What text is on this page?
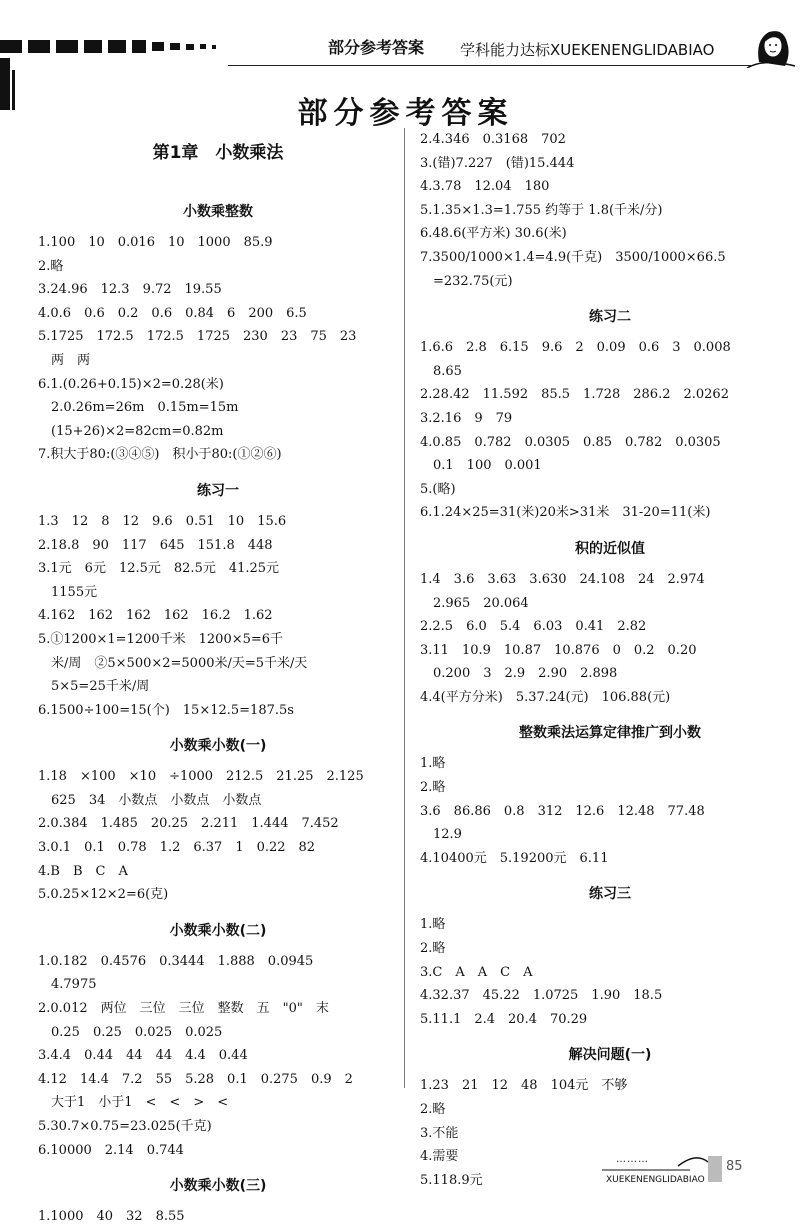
部分参考答案 学科能力达标XUEKENENGLIDABIAO
部分参考答案
第1章　小数乘法
小数乘整数
1.100　10　0.016　10　1000　85.9
2.略
3.24.96　12.3　9.72　19.55
4.0.6　0.6　0.2　0.6　0.84　6　200　6.5
5.1725　172.5　172.5　1725　230　23　75　23
　两　两
6.1.(0.26+0.15)×2=0.28(米)
　2.0.26m=26m　0.15m=15m
　(15+26)×2=82cm=0.82m
7.积大于80:(③④⑤)　积小于80:(①②⑥)
练习一
1.3　12　8　12　9.6　0.51　10　15.6
2.18.8　90　117　645　151.8　448
3.1元　6元　12.5元　82.5元　41.25元
　1155元
4.162　162　162　162　16.2　1.62
5.①1200×1=1200千米　1200×5=6千
　米/周　②5×500×2=5000米/天=5千米/天
　5×5=25千米/周
6.1500÷100=15(个)　15×12.5=187.5s
小数乘小数(一)
1.18　×100　×10　÷1000　212.5　21.25　2.125
　625　34　小数点　小数点　小数点
2.0.384　1.485　20.25　2.211　1.444　7.452
3.0.1　0.1　0.78　1.2　6.37　1　0.22　82
4.B　B　C　A
5.0.25×12×2=6(克)
小数乘小数(二)
1.0.182　0.4576　0.3444　1.888　0.0945
　4.7975
2.0.012　两位　三位　三位　整数　五　"0"　末
　0.25　0.25　0.025　0.025
3.4.4　0.44　44　44　4.4　0.44
4.12　14.4　7.2　55　5.28　0.1　0.275　0.9　2
　大于1　小于1　<　<　>　<
5.30.7×0.75=23.025(千克)
6.10000　2.14　0.744
小数乘小数(三)
1.1000　40　32　8.55
2.4.346　0.3168　702
3.(错)7.227　(错)15.444
4.3.78　12.04　180
5.1.35×1.3=1.755 约等于 1.8(千米/分)
6.48.6(平方米) 30.6(米)
7.3500/1000×1.4=4.9(千克)　3500/1000×66.5
　=232.75(元)
练习二
1.6.6　2.8　6.15　9.6　2　0.09　0.6　3　0.008
　8.65
2.28.42　11.592　85.5　1.728　286.2　2.0262
3.2.16　9　79
4.0.85　0.782　0.0305　0.85　0.782　0.0305
　0.1　100　0.001
5.(略)
6.1.24×25=31(米)20米>31米　31-20=11(米)
积的近似值
1.4　3.6　3.63　3.630　24.108　24　2.974
　2.965　20.064
2.2.5　6.0　5.4　6.03　0.41　2.82
3.11　10.9　10.87　10.876　0　0.2　0.20
　0.200　3　2.9　2.90　2.898
4.4(平方分米)　5.37.24(元)　106.88(元)
整数乘法运算定律推广到小数
1.略
2.略
3.6　86.86　0.8　312　12.6　12.48　77.48
　12.9
4.10400元　5.19200元　6.11
练习三
1.略
2.略
3.C　A　A　C　A
4.32.37　45.22　1.0725　1.90　18.5
5.11.1　2.4　20.4　70.29
解决问题(一)
1.23　21　12　48　104元　不够
2.略
3.不能
4.需要
5.118.9元
………
XUEKENENGLIDABIAO
85
